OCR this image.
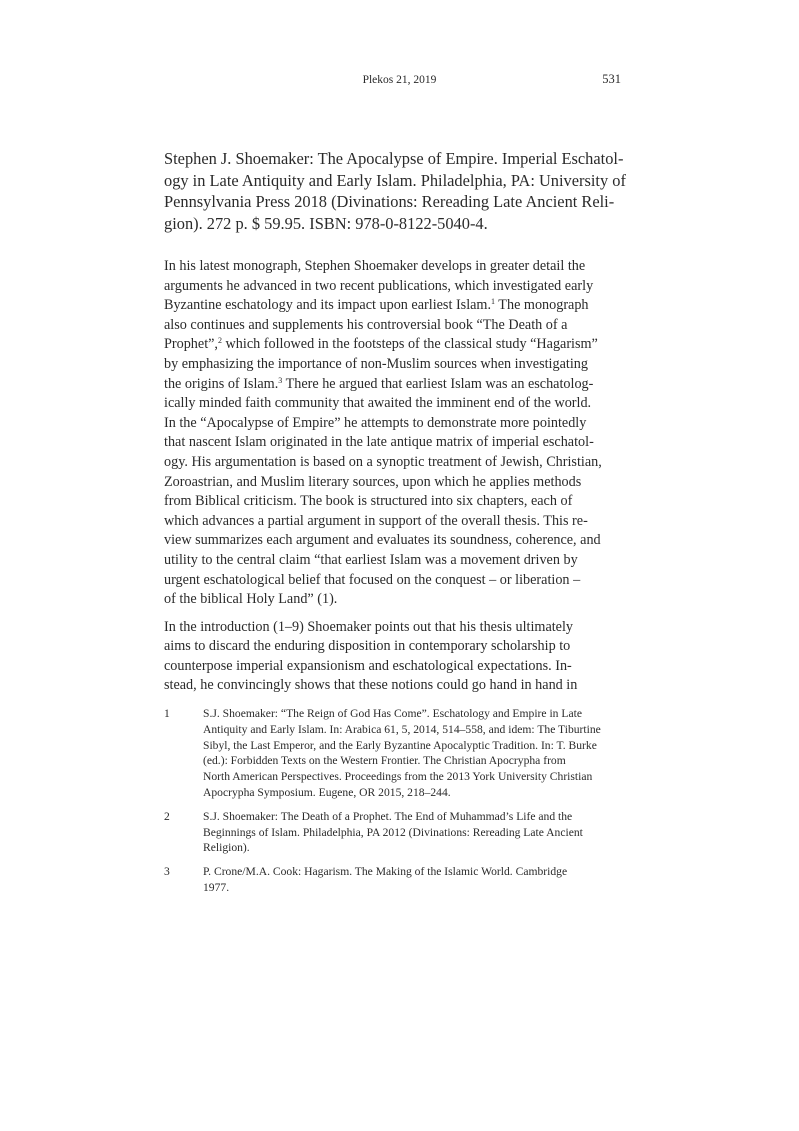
Plekos 21, 2019	531
Stephen J. Shoemaker: The Apocalypse of Empire. Imperial Eschatol-
ogy in Late Antiquity and Early Islam. Philadelphia, PA: University of
Pennsylvania Press 2018 (Divinations: Rereading Late Ancient Reli-
gion). 272 p. $ 59.95. ISBN: 978-0-8122-5040-4.
In his latest monograph, Stephen Shoemaker develops in greater detail the
arguments he advanced in two recent publications, which investigated early
Byzantine eschatology and its impact upon earliest Islam.$^1$ The monograph
also continues and supplements his controversial book “The Death of a
Prophet”,$^2$ which followed in the footsteps of the classical study “Hagarism”
by emphasizing the importance of non-Muslim sources when investigating
the origins of Islam.$^3$ There he argued that earliest Islam was an eschatolog-
ically minded faith community that awaited the imminent end of the world.
In the “Apocalypse of Empire” he attempts to demonstrate more pointedly
that nascent Islam originated in the late antique matrix of imperial eschatol-
ogy. His argumentation is based on a synoptic treatment of Jewish, Christian,
Zoroastrian, and Muslim literary sources, upon which he applies methods
from Biblical criticism. The book is structured into six chapters, each of
which advances a partial argument in support of the overall thesis. This re-
view summarizes each argument and evaluates its soundness, coherence, and
utility to the central claim “that earliest Islam was a movement driven by
urgent eschatological belief that focused on the conquest – or liberation –
of the biblical Holy Land” (1).
In the introduction (1–9) Shoemaker points out that his thesis ultimately
aims to discard the enduring disposition in contemporary scholarship to
counterpose imperial expansionism and eschatological expectations. In-
stead, he convincingly shows that these notions could go hand in hand in
1	S.J. Shoemaker: “The Reign of God Has Come”. Eschatology and Empire in Late
Antiquity and Early Islam. In: Arabica 61, 5, 2014, 514–558, and idem: The Tiburtine
Sibyl, the Last Emperor, and the Early Byzantine Apocalyptic Tradition. In: T. Burke
(ed.): Forbidden Texts on the Western Frontier. The Christian Apocrypha from
North American Perspectives. Proceedings from the 2013 York University Christian
Apocrypha Symposium. Eugene, OR 2015, 218–244.
2	S.J. Shoemaker: The Death of a Prophet. The End of Muhammad’s Life and the
Beginnings of Islam. Philadelphia, PA 2012 (Divinations: Rereading Late Ancient
Religion).
3	P. Crone/M.A. Cook: Hagarism. The Making of the Islamic World. Cambridge
1977.
